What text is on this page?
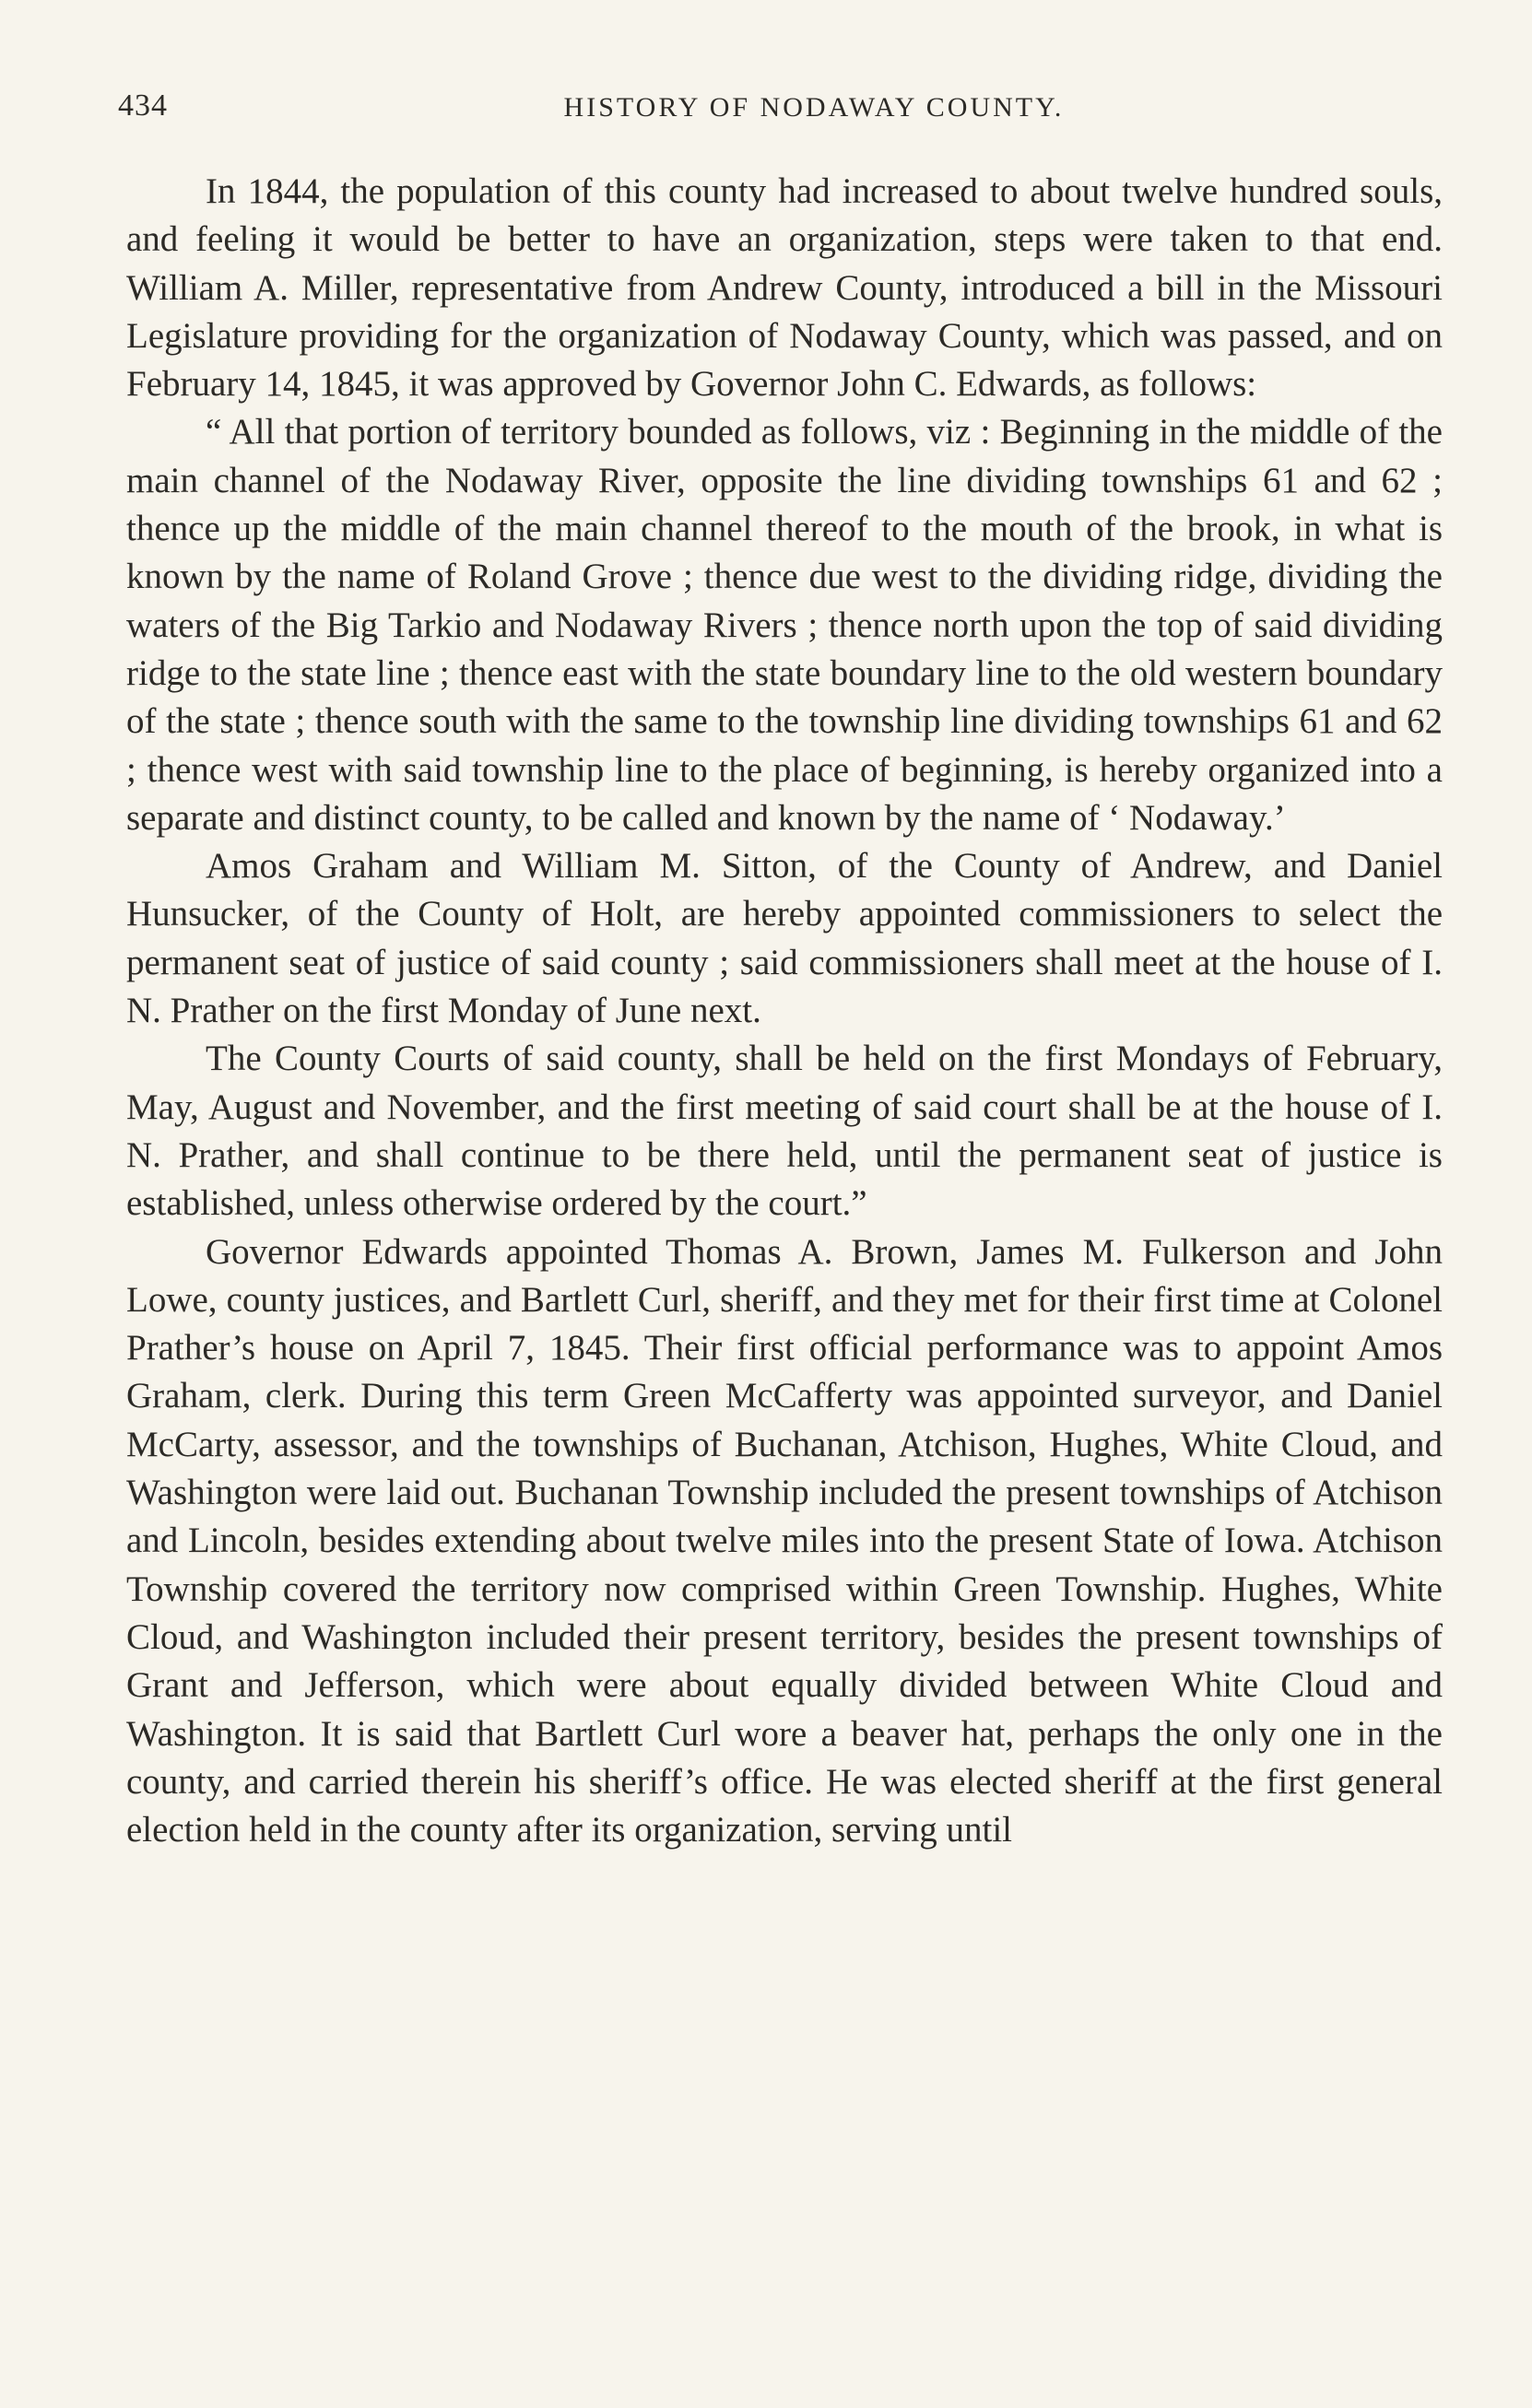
434	HISTORY OF NODAWAY COUNTY.

In 1844, the population of this county had increased to about twelve hundred souls, and feeling it would be better to have an organization, steps were taken to that end. William A. Miller, representative from Andrew County, introduced a bill in the Missouri Legislature providing for the organization of Nodaway County, which was passed, and on February 14, 1845, it was approved by Governor John C. Edwards, as follows:

“ All that portion of territory bounded as follows, viz : Beginning in the middle of the main channel of the Nodaway River, opposite the line dividing townships 61 and 62 ; thence up the middle of the main channel thereof to the mouth of the brook, in what is known by the name of Roland Grove ; thence due west to the dividing ridge, dividing the waters of the Big Tarkio and Nodaway Rivers ; thence north upon the top of said dividing ridge to the state line ; thence east with the state boundary line to the old western boundary of the state ; thence south with the same to the township line dividing townships 61 and 62 ; thence west with said township line to the place of beginning, is hereby organized into a separate and distinct county, to be called and known by the name of ‘ Nodaway.’

Amos Graham and William M. Sitton, of the County of Andrew, and Daniel Hunsucker, of the County of Holt, are hereby appointed commissioners to select the permanent seat of justice of said county ; said commissioners shall meet at the house of I. N. Prather on the first Monday of June next.

The County Courts of said county, shall be held on the first Mondays of February, May, August and November, and the first meeting of said court shall be at the house of I. N. Prather, and shall continue to be there held, until the permanent seat of justice is established, unless otherwise ordered by the court.”

Governor Edwards appointed Thomas A. Brown, James M. Fulkerson and John Lowe, county justices, and Bartlett Curl, sheriff, and they met for their first time at Colonel Prather’s house on April 7, 1845. Their first official performance was to appoint Amos Graham, clerk. During this term Green McCafferty was appointed surveyor, and Daniel McCarty, assessor, and the townships of Buchanan, Atchison, Hughes, White Cloud, and Washington were laid out. Buchanan Township included the present townships of Atchison and Lincoln, besides extending about twelve miles into the present State of Iowa. Atchison Township covered the territory now comprised within Green Township. Hughes, White Cloud, and Washington included their present territory, besides the present townships of Grant and Jefferson, which were about equally divided between White Cloud and Washington. It is said that Bartlett Curl wore a beaver hat, perhaps the only one in the county, and carried therein his sheriff’s office. He was elected sheriff at the first general election held in the county after its organization, serving until
